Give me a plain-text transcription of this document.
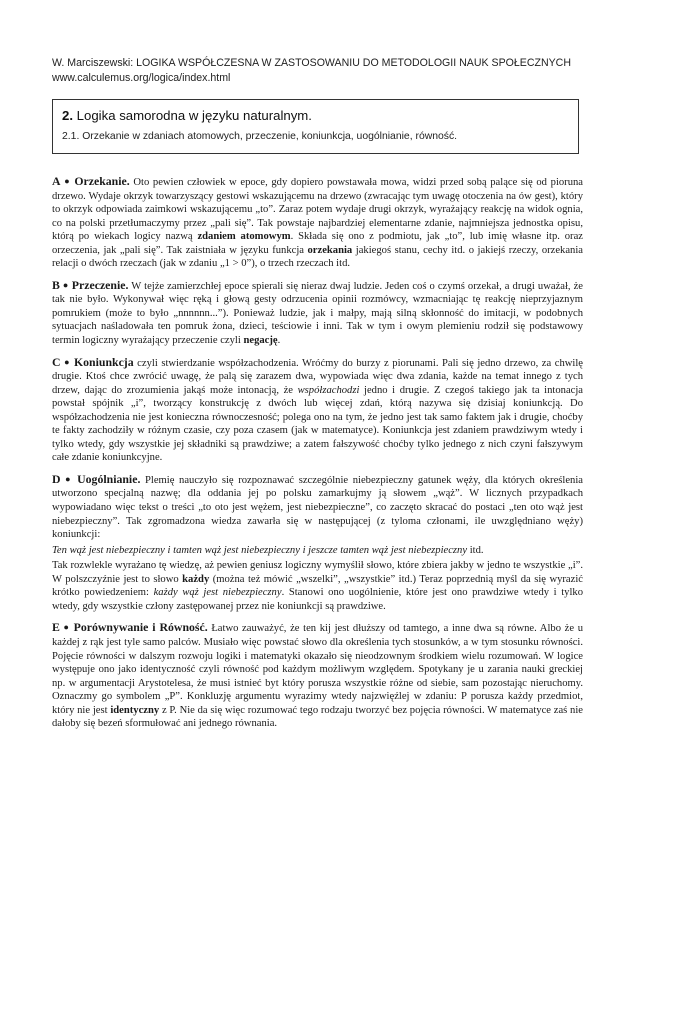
W. Marciszewski: LOGIKA WSPÓŁCZESNA W ZASTOSOWANIU DO METODOLOGII NAUK SPOŁECZNYCH
www.calculemus.org/logica/index.html
2. Logika samorodna w języku naturalnym.
2.1. Orzekanie w zdaniach atomowych, przeczenie, koniunkcja, uogólnianie, równość.

A ● Orzekanie. Oto pewien człowiek w epoce, gdy dopiero powstawała mowa, widzi przed sobą palące się od pioruna drzewo. Wydaje okrzyk towarzyszący gestowi wskazującemu na drzewo (zwracając tym uwagę otoczenia na ów gest), który to okrzyk odpowiada zaimkowi wskazującemu „to”. Zaraz potem wydaje drugi okrzyk, wyrażający reakcję na widok ognia, co na polski przetłumaczymy przez „pali się”. Tak powstaje najbardziej elementarne zdanie, najmniejsza jednostka opisu, którą po wiekach logicy nazwą zdaniem atomowym. Składa się ono z podmiotu, jak „to”, lub imię własne itp. oraz orzeczenia, jak „pali się”. Tak zaistniała w języku funkcja orzekania jakiegoś stanu, cechy itd. o jakiejś rzeczy, orzekania relacji o dwóch rzeczach (jak w zdaniu „1 > 0”), o trzech rzeczach itd.

B ● Przeczenie. W tejże zamierzchłej epoce spierali się nieraz dwaj ludzie. Jeden coś o czymś orzekał, a drugi uważał, że tak nie było. Wykonywał więc ręką i głową gesty odrzucenia opinii rozmówcy, wzmacniając tę reakcję nieprzyjaznym pomrukiem (może to było „nnnnnn...”). Ponieważ ludzie, jak i małpy, mają silną skłonność do imitacji, w podobnych sytuacjach naśladowała ten pomruk żona, dzieci, teściowie i inni. Tak w tym i owym plemieniu rodził się podstawowy termin logiczny wyrażający przeczenie czyli negację.

C ● Koniunkcja czyli stwierdzanie współzachodzenia. Wróćmy do burzy z piorunami. Pali się jedno drzewo, za chwilę drugie. Ktoś chce zwrócić uwagę, że palą się zarazem dwa, wypowiada więc dwa zdania, każde na temat innego z tych drzew, dając do zrozumienia jakąś może intonacją, że współzachodzi jedno i drugie. Z czegoś takiego jak ta intonacja powstał spójnik „i”, tworzący konstrukcję z dwóch lub więcej zdań, którą nazywa się dzisiaj koniunkcją. Do współzachodzenia nie jest konieczna równoczesność; polega ono na tym, że jedno jest tak samo faktem jak i drugie, choćby te fakty zachodziły w różnym czasie, czy poza czasem (jak w matematyce). Koniunkcja jest zdaniem prawdziwym wtedy i tylko wtedy, gdy wszystkie jej składniki są prawdziwe; a zatem fałszywość choćby tylko jednego z nich czyni fałszywym całe zdanie koniunkcyjne.

D ● Uogólnianie. Plemię nauczyło się rozpoznawać szczególnie niebezpieczny gatunek węży, dla których określenia utworzono specjalną nazwę; dla oddania jej po polsku zamarkujmy ją słowem „wąż”. W licznych przypadkach wypowiadano więc tekst o treści „to oto jest wężem, jest niebezpieczne”, co zaczęto skracać do postaci „ten oto wąż jest niebezpieczny”. Tak zgromadzona wiedza zawarła się w następującej (z tyloma członami, ile uwzględniano węży) koniunkcji:

Ten wąż jest niebezpieczny i tamten wąż jest niebezpieczny i jeszcze tamten wąż jest niebezpieczny itd.

Tak rozwlekle wyrażano tę wiedzę, aż pewien geniusz logiczny wymyślił słowo, które zbiera jakby w jedno te wszystkie „i”. W polszczyźnie jest to słowo każdy (można też mówić „wszelki”, „wszystkie” itd.) Teraz poprzednią myśl da się wyrazić krótko powiedzeniem: każdy wąż jest niebezpieczny. Stanowi ono uogólnienie, które jest ono prawdziwe wtedy i tylko wtedy, gdy wszystkie człony zastępowanej przez nie koniunkcji są prawdziwe.

E ● Porównywanie i Równość. Łatwo zauważyć, że ten kij jest dłuższy od tamtego, a inne dwa są równe. Albo że u każdej z rąk jest tyle samo palców. Musiało więc powstać słowo dla określenia tych stosunków, a w tym stosunku równości. Pojęcie równości w dalszym rozwoju logiki i matematyki okazało się nieodzownym środkiem wielu rozumowań. W logice występuje ono jako identyczność czyli równość pod każdym możliwym względem. Spotykany je u zarania nauki greckiej np. w argumentacji Arystotelesa, że musi istnieć byt który porusza wszystkie różne od siebie, sam pozostając nieruchomy. Oznaczmy go symbolem „P”. Konkluzję argumentu wyrazimy wtedy najzwięźlej w zdaniu: P porusza każdy przedmiot, który nie jest identyczny z P. Nie da się więc rozumować tego rodzaju tworzyć bez pojęcia równości. W matematyce zaś nie dałoby się bezeń sformułować ani jednego równania.
